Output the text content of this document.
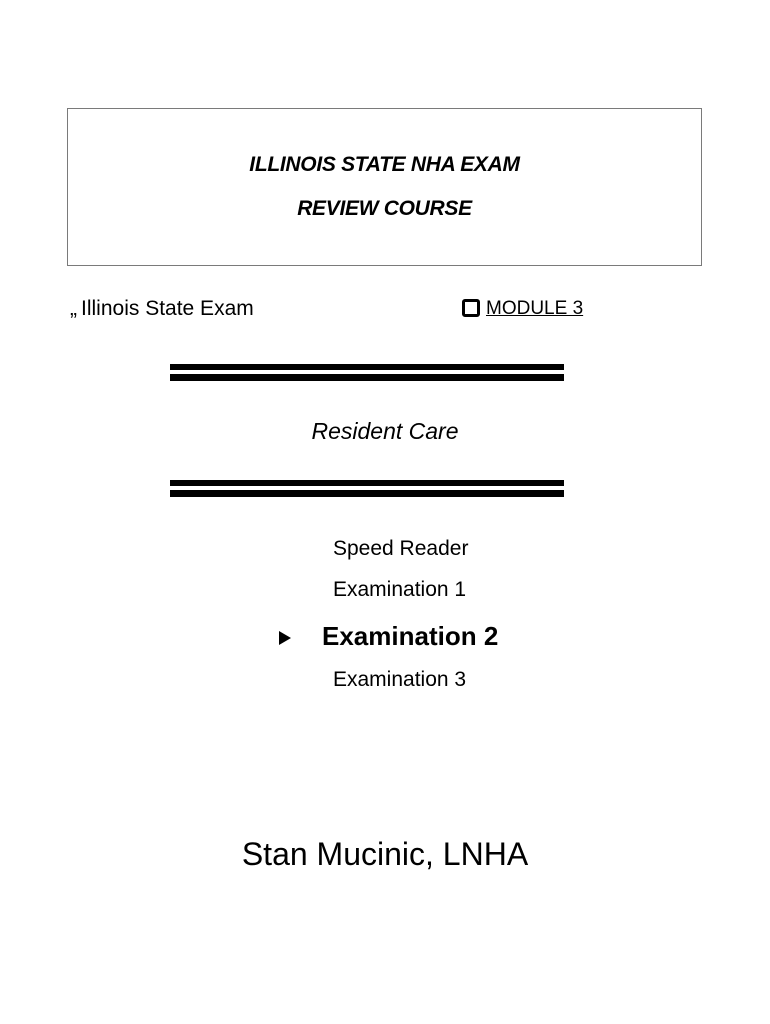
ILLINOIS STATE NHA EXAM
REVIEW COURSE
„ Illinois State Exam	MODULE 3
Resident Care
Speed Reader
Examination 1
Examination 2
Examination 3
Stan Mucinic, LNHA
